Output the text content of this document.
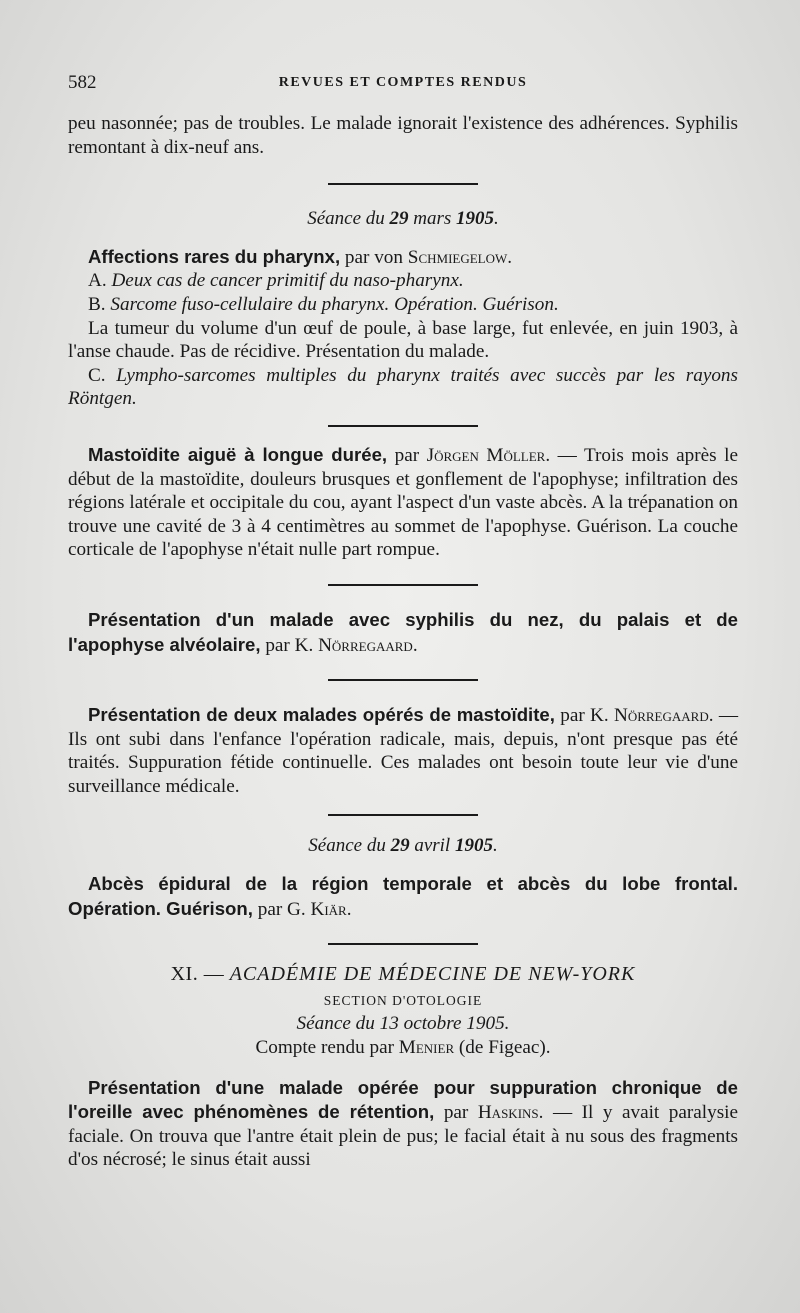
582	REVUES ET COMPTES RENDUS

peu nasonnée; pas de troubles. Le malade ignorait l'existence des adhérences. Syphilis remontant à dix-neuf ans.

Séance du 29 mars 1905.

Affections rares du pharynx, par von Schmiegelow.

A. Deux cas de cancer primitif du naso-pharynx.

B. Sarcome fuso-cellulaire du pharynx. Opération. Guérison.

La tumeur du volume d'un œuf de poule, à base large, fut enlevée, en juin 1903, à l'anse chaude. Pas de récidive. Présentation du malade.

C. Lympho-sarcomes multiples du pharynx traités avec succès par les rayons Röntgen.

Mastoïdite aiguë à longue durée, par Jörgen Möller. — Trois mois après le début de la mastoïdite, douleurs brusques et gonflement de l'apophyse; infiltration des régions latérale et occipitale du cou, ayant l'aspect d'un vaste abcès. A la trépanation on trouve une cavité de 3 à 4 centimètres au sommet de l'apophyse. Guérison. La couche corticale de l'apophyse n'était nulle part rompue.

Présentation d'un malade avec syphilis du nez, du palais et de l'apophyse alvéolaire, par K. Nörregaard.

Présentation de deux malades opérés de mastoïdite, par K. Nörregaard. — Ils ont subi dans l'enfance l'opération radicale, mais, depuis, n'ont presque pas été traités. Suppuration fétide continuelle. Ces malades ont besoin toute leur vie d'une surveillance médicale.

Séance du 29 avril 1905.

Abcès épidural de la région temporale et abcès du lobe frontal. Opération. Guérison, par G. Kiär.

XI. — ACADÉMIE DE MÉDECINE DE NEW-YORK

SECTION D'OTOLOGIE

Séance du 13 octobre 1905.

Compte rendu par Menier (de Figeac).

Présentation d'une malade opérée pour suppuration chronique de l'oreille avec phénomènes de rétention, par Haskins. — Il y avait paralysie faciale. On trouva que l'antre était plein de pus; le facial était à nu sous des fragments d'os nécrosé; le sinus était aussi
